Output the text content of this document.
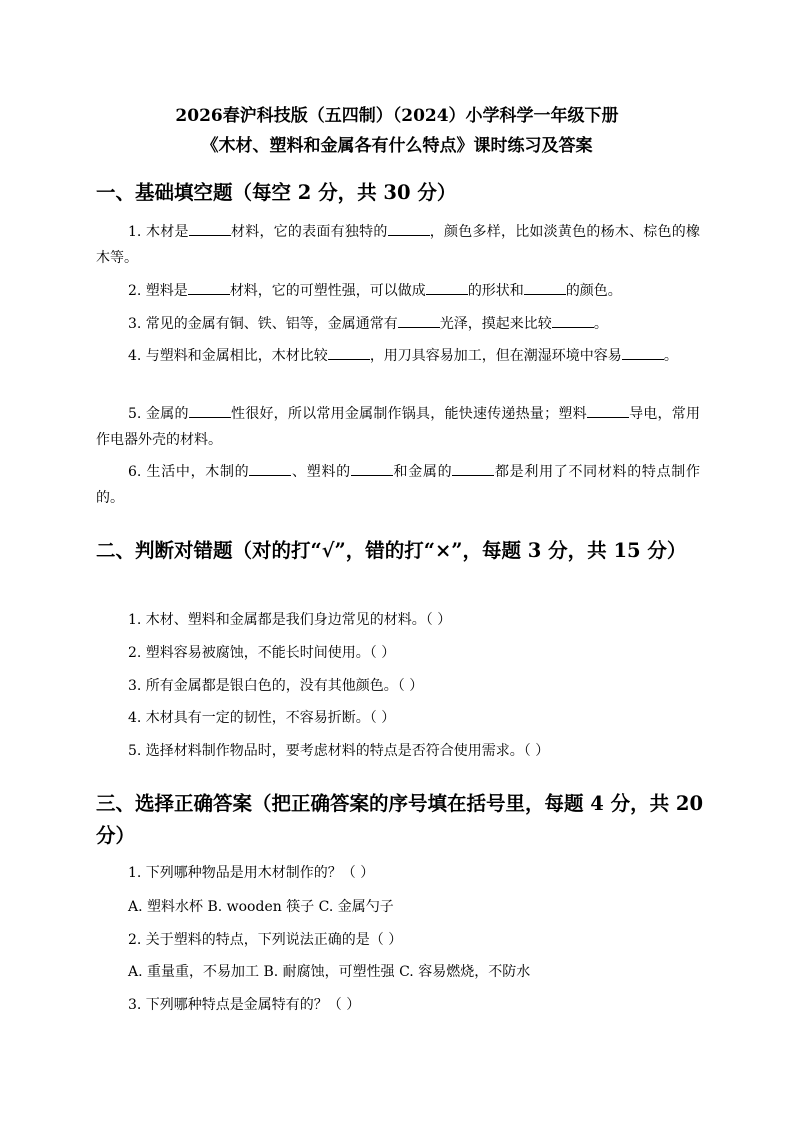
2026春沪科技版（五四制）（2024）小学科学一年级下册
《木材、塑料和金属各有什么特点》课时练习及答案
一、基础填空题（每空 2 分，共 30 分）
1. 木材是	材料，它的表面有独特的	，颜色多样，比如淡黄色的杨木、棕色的橡木等。
2. 塑料是	材料，它的可塑性强，可以做成	的形状和	的颜色。
3. 常见的金属有铜、铁、铝等，金属通常有	光泽，摸起来比较	。
4. 与塑料和金属相比，木材比较	，用刀具容易加工，但在潮湿环境中容易	。
5. 金属的	性很好，所以常用金属制作锅具，能快速传递热量；塑料	导电，常用作电器外壳的材料。
6. 生活中，木制的	、塑料的	和金属的	都是利用了不同材料的特点制作的。
二、判断对错题（对的打“√”，错的打“×”，每题 3 分，共 15 分）
1. 木材、塑料和金属都是我们身边常见的材料。（ ）
2. 塑料容易被腐蚀，不能长时间使用。（ ）
3. 所有金属都是银白色的，没有其他颜色。（ ）
4. 木材具有一定的韧性，不容易折断。（ ）
5. 选择材料制作物品时，要考虑材料的特点是否符合使用需求。（ ）
三、选择正确答案（把正确答案的序号填在括号里，每题 4 分，共 20 分）
1. 下列哪种物品是用木材制作的？（ ）
A. 塑料水杯 B. wooden 筷子 C. 金属勺子
2. 关于塑料的特点，下列说法正确的是（ ）
A. 重量重，不易加工 B. 耐腐蚀，可塑性强 C. 容易燃烧，不防水
3. 下列哪种特点是金属特有的？（ ）
